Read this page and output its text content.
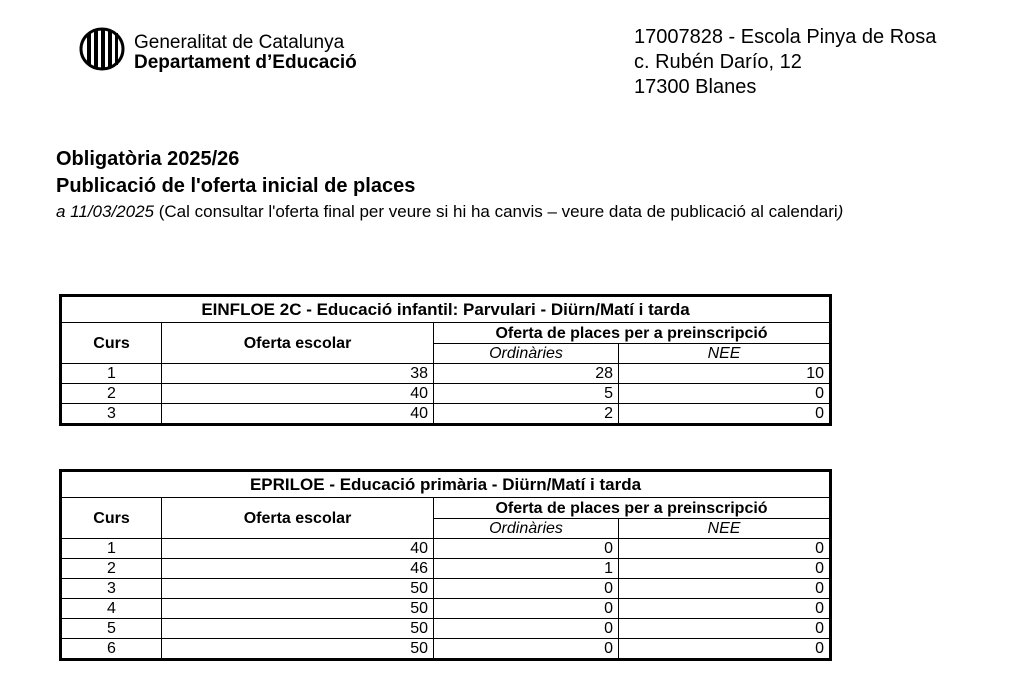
Generalitat de Catalunya
Departament d’Educació
17007828 - Escola Pinya de Rosa
c. Rubén Darío, 12
17300 Blanes
Obligatòria 2025/26
Publicació de l'oferta inicial de places
a 11/03/2025 (Cal consultar l'oferta final per veure si hi ha canvis – veure data de publicació al calendari)
EINFLOE 2C - Educació infantil: Parvulari - Diürn/Matí i tarda			
Curs	Oferta escolar	Oferta de places per a preinscripció	
		Ordinàries	NEE
1	38	28	10
2	40	5	0
3	40	2	0
EPRILOE - Educació primària - Diürn/Matí i tarda			
Curs	Oferta escolar	Oferta de places per a preinscripció	
		Ordinàries	NEE
1	40	0	0
2	46	1	0
3	50	0	0
4	50	0	0
5	50	0	0
6	50	0	0
